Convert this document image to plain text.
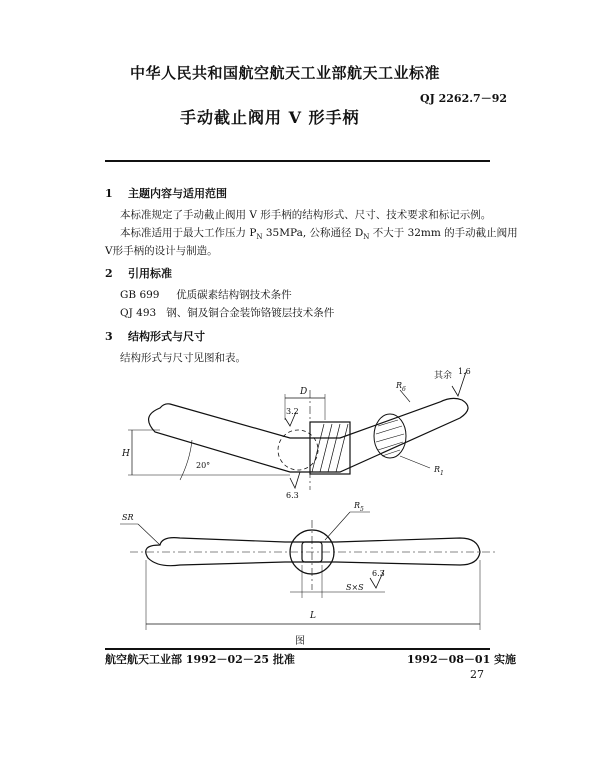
中华人民共和国航空航天工业部航天工业标准
QJ 2262.7－92
手动截止阀用 V 形手柄
1 主题内容与适用范围
本标准规定了手动截止阀用 V 形手柄的结构形式、尺寸、技术要求和标记示例。
本标准适用于最大工作压力 $P_N$ 35MPa, 公称通径 $D_N$ 不大于 32mm 的手动截止阀用
V形手柄的设计与制造。
2 引用标准
GB 699 优质碳素结构钢技术条件
QJ 493 钢、铜及铜合金装饰铬镀层技术条件
3 结构形式与尺寸
结构形式与尺寸见图和表。
其余 1.6
D
3.2
H
20°
6.3
$R_6$
$R_1$
SR
$R_5$
S×S
6.3
L
图
航空航天工业部 1992－02－25 批准	1992－08－01 实施
27
